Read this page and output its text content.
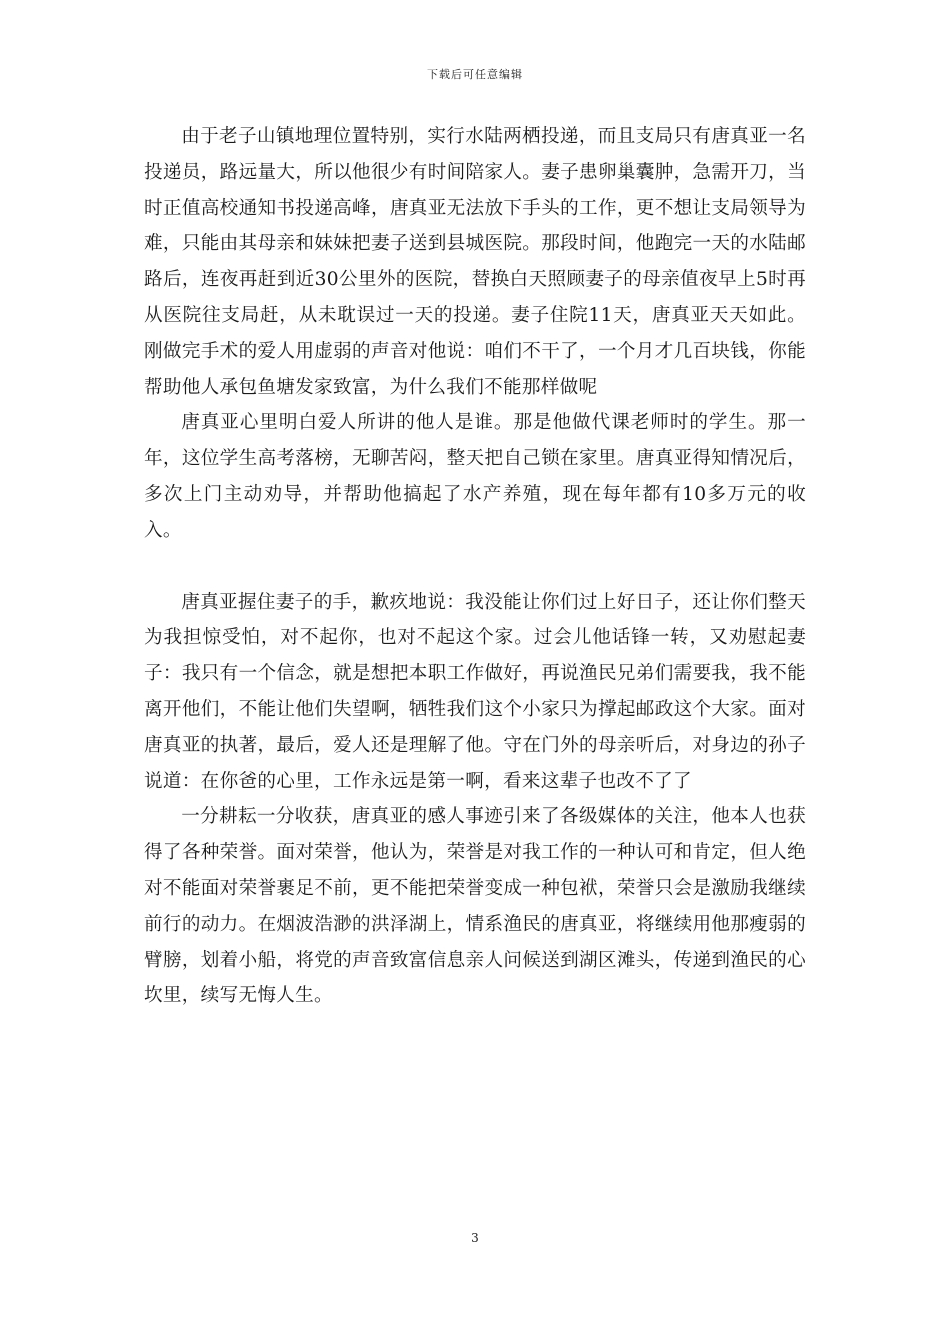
下载后可任意编辑

由于老子山镇地理位置特别，实行水陆两栖投递，而且支局只有唐真亚一名投递员，路远量大，所以他很少有时间陪家人。妻子患卵巢囊肿，急需开刀，当时正值高校通知书投递高峰，唐真亚无法放下手头的工作，更不想让支局领导为难，只能由其母亲和妹妹把妻子送到县城医院。那段时间，他跑完一天的水陆邮路后，连夜再赶到近30公里外的医院，替换白天照顾妻子的母亲值夜早上5时再从医院往支局赶，从未耽误过一天的投递。妻子住院11天，唐真亚天天如此。刚做完手术的爱人用虚弱的声音对他说：咱们不干了，一个月才几百块钱，你能帮助他人承包鱼塘发家致富，为什么我们不能那样做呢

唐真亚心里明白爱人所讲的他人是谁。那是他做代课老师时的学生。那一年，这位学生高考落榜，无聊苦闷，整天把自己锁在家里。唐真亚得知情况后，多次上门主动劝导，并帮助他搞起了水产养殖，现在每年都有10多万元的收入。

唐真亚握住妻子的手，歉疚地说：我没能让你们过上好日子，还让你们整天为我担惊受怕，对不起你，也对不起这个家。过会儿他话锋一转，又劝慰起妻子：我只有一个信念，就是想把本职工作做好，再说渔民兄弟们需要我，我不能离开他们，不能让他们失望啊，牺牲我们这个小家只为撑起邮政这个大家。面对唐真亚的执著，最后，爱人还是理解了他。守在门外的母亲听后，对身边的孙子说道：在你爸的心里，工作永远是第一啊，看来这辈子也改不了了

一分耕耘一分收获，唐真亚的感人事迹引来了各级媒体的关注，他本人也获得了各种荣誉。面对荣誉，他认为，荣誉是对我工作的一种认可和肯定，但人绝对不能面对荣誉裹足不前，更不能把荣誉变成一种包袱，荣誉只会是激励我继续前行的动力。在烟波浩渺的洪泽湖上，情系渔民的唐真亚，将继续用他那瘦弱的臂膀，划着小船，将党的声音致富信息亲人问候送到湖区滩头，传递到渔民的心坎里，续写无悔人生。

3
